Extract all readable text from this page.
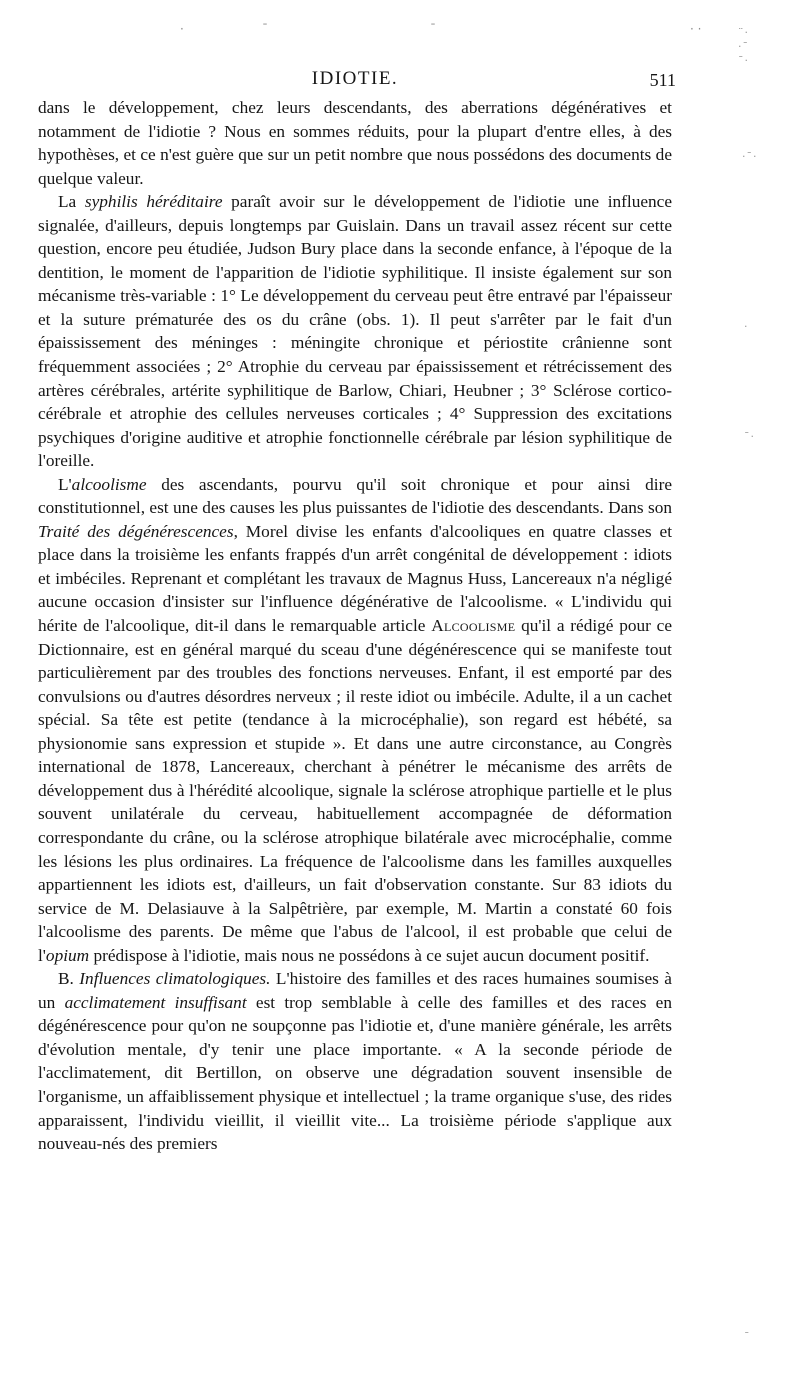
·	ˉ	ˉ	· ·	¨·
·ˉ
ˉ·
·ˉ·
·
ˉ·
ˉ
IDIOTIE.	511

dans le développement, chez leurs descendants, des aberrations dégénératives et notamment de l'idiotie ? Nous en sommes réduits, pour la plupart d'entre elles, à des hypothèses, et ce n'est guère que sur un petit nombre que nous possédons des documents de quelque valeur.

La syphilis héréditaire paraît avoir sur le développement de l'idiotie une influence signalée, d'ailleurs, depuis longtemps par Guislain. Dans un travail assez récent sur cette question, encore peu étudiée, Judson Bury place dans la seconde enfance, à l'époque de la dentition, le moment de l'apparition de l'idiotie syphilitique. Il insiste également sur son mécanisme très-variable : 1° Le développement du cerveau peut être entravé par l'épaisseur et la suture prématurée des os du crâne (obs. 1). Il peut s'arrêter par le fait d'un épaississement des méninges : méningite chronique et périostite crânienne sont fréquemment associées ; 2° Atrophie du cerveau par épaississement et rétrécissement des artères cérébrales, artérite syphilitique de Barlow, Chiari, Heubner ; 3° Sclérose cortico-cérébrale et atrophie des cellules nerveuses corticales ; 4° Suppression des excitations psychiques d'origine auditive et atrophie fonctionnelle cérébrale par lésion syphilitique de l'oreille.

L'alcoolisme des ascendants, pourvu qu'il soit chronique et pour ainsi dire constitutionnel, est une des causes les plus puissantes de l'idiotie des descendants. Dans son Traité des dégénérescences, Morel divise les enfants d'alcooliques en quatre classes et place dans la troisième les enfants frappés d'un arrêt congénital de développement : idiots et imbéciles. Reprenant et complétant les travaux de Magnus Huss, Lancereaux n'a négligé aucune occasion d'insister sur l'influence dégénérative de l'alcoolisme. « L'individu qui hérite de l'alcoolique, dit-il dans le remarquable article Alcoolisme qu'il a rédigé pour ce Dictionnaire, est en général marqué du sceau d'une dégénérescence qui se manifeste tout particulièrement par des troubles des fonctions nerveuses. Enfant, il est emporté par des convulsions ou d'autres désordres nerveux ; il reste idiot ou imbécile. Adulte, il a un cachet spécial. Sa tête est petite (tendance à la microcéphalie), son regard est hébété, sa physionomie sans expression et stupide ». Et dans une autre circonstance, au Congrès international de 1878, Lancereaux, cherchant à pénétrer le mécanisme des arrêts de développement dus à l'hérédité alcoolique, signale la sclérose atrophique partielle et le plus souvent unilatérale du cerveau, habituellement accompagnée de déformation correspondante du crâne, ou la sclérose atrophique bilatérale avec microcéphalie, comme les lésions les plus ordinaires. La fréquence de l'alcoolisme dans les familles auxquelles appartiennent les idiots est, d'ailleurs, un fait d'observation constante. Sur 83 idiots du service de M. Delasiauve à la Salpêtrière, par exemple, M. Martin a constaté 60 fois l'alcoolisme des parents. De même que l'abus de l'alcool, il est probable que celui de l'opium prédispose à l'idiotie, mais nous ne possédons à ce sujet aucun document positif.

B. Influences climatologiques. L'histoire des familles et des races humaines soumises à un acclimatement insuffisant est trop semblable à celle des familles et des races en dégénérescence pour qu'on ne soupçonne pas l'idiotie et, d'une manière générale, les arrêts d'évolution mentale, d'y tenir une place importante. « A la seconde période de l'acclimatement, dit Bertillon, on observe une dégradation souvent insensible de l'organisme, un affaiblissement physique et intellectuel ; la trame organique s'use, des rides apparaissent, l'individu vieillit, il vieillit vite... La troisième période s'applique aux nouveau-nés des premiers
